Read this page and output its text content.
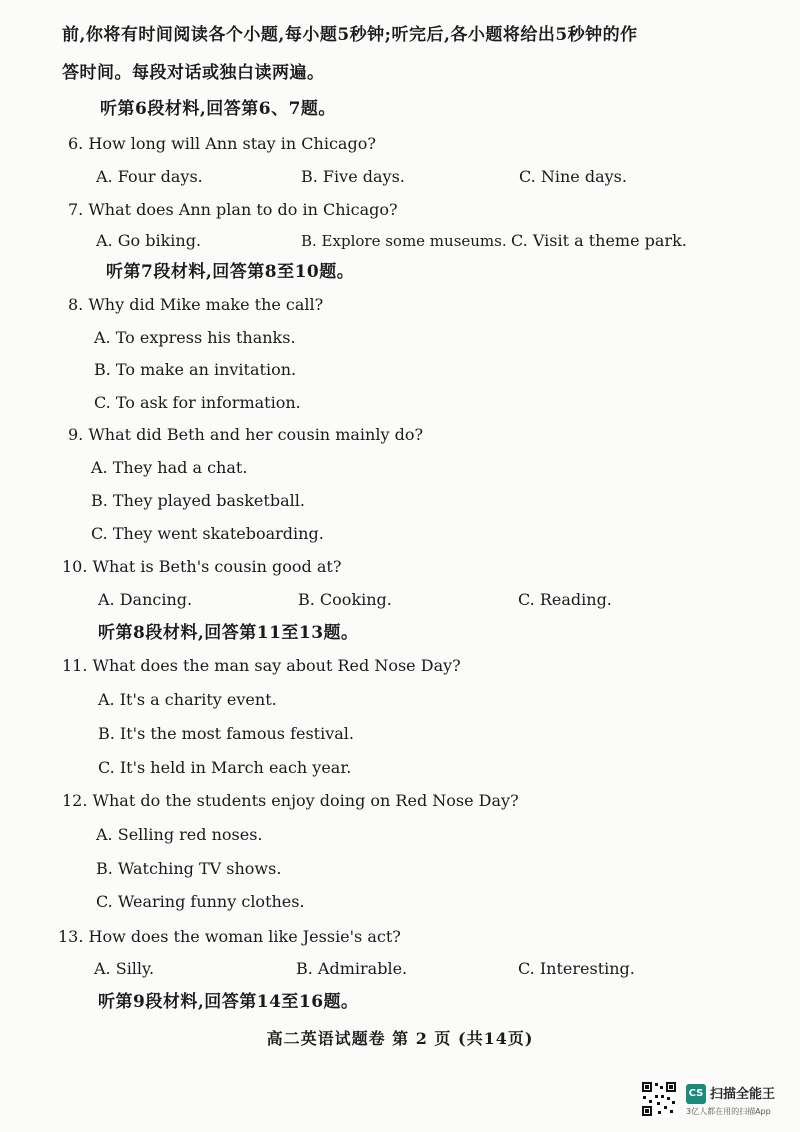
前,你将有时间阅读各个小题,每小题5秒钟;听完后,各小题将给出5秒钟的作
答时间。每段对话或独白读两遍。
听第6段材料,回答第6、7题。
6. How long will Ann stay in Chicago?
A. Four days.	B. Five days.	C. Nine days.
7. What does Ann plan to do in Chicago?
A. Go biking.	B. Explore some museums. C. Visit a theme park.
听第7段材料,回答第8至10题。
8. Why did Mike make the call?
A. To express his thanks.
B. To make an invitation.
C. To ask for information.
9. What did Beth and her cousin mainly do?
A. They had a chat.
B. They played basketball.
C. They went skateboarding.
10. What is Beth's cousin good at?
A. Dancing.	B. Cooking.	C. Reading.
听第8段材料,回答第11至13题。
11. What does the man say about Red Nose Day?
A. It's a charity event.
B. It's the most famous festival.
C. It's held in March each year.
12. What do the students enjoy doing on Red Nose Day?
A. Selling red noses.
B. Watching TV shows.
C. Wearing funny clothes.
13. How does the woman like Jessie's act?
A. Silly.	B. Admirable.	C. Interesting.
听第9段材料,回答第14至16题。
高二英语试题卷 第 2 页 (共14页)
CS 扫描全能王
3亿人都在用的扫描App
